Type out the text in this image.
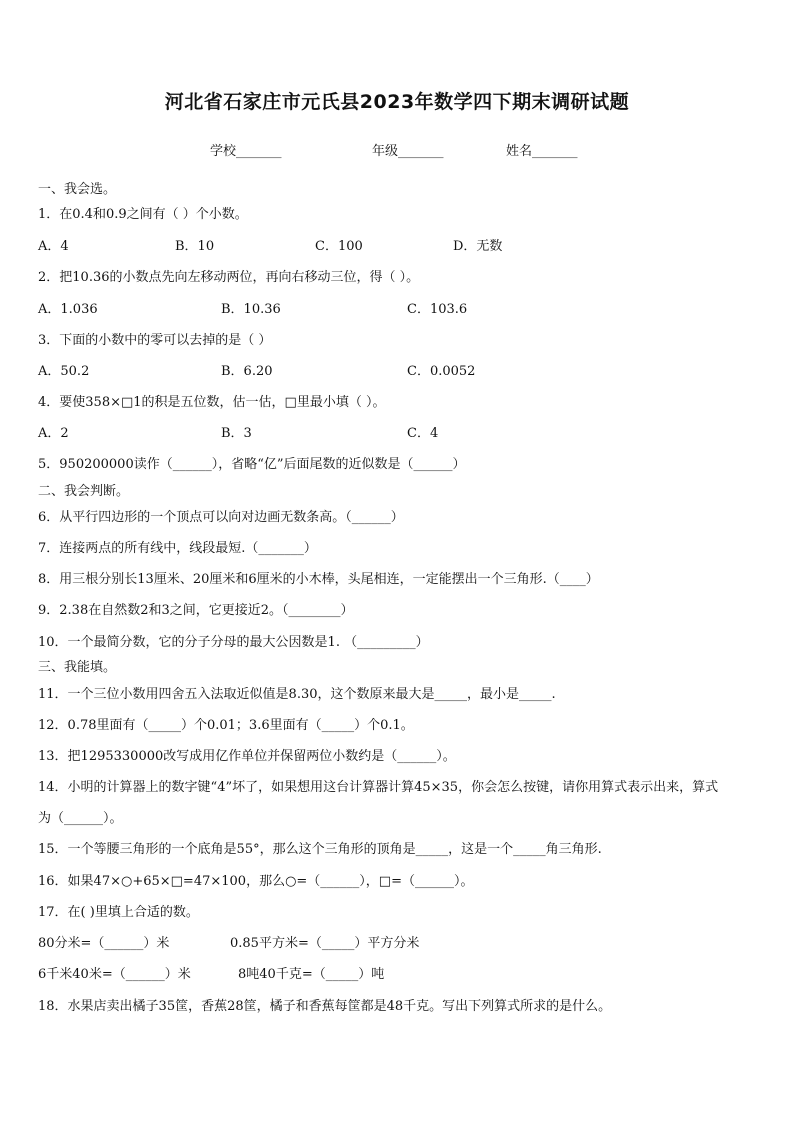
河北省石家庄市元氏县2023年数学四下期末调研试题
学校_______	年级_______	姓名_______
一、我会选。
1．在0.4和0.9之间有（ ）个小数。
A．4	B．10	C．100	D．无数
2．把10.36的小数点先向左移动两位，再向右移动三位，得（ ）。
A．1.036	B．10.36	C．103.6
3．下面的小数中的零可以去掉的是（ ）
A．50.2	B．6.20	C．0.0052
4．要使358×□1的积是五位数，估一估，□里最小填（ ）。
A．2	B．3	C．4
5．950200000读作（______），省略“亿”后面尾数的近似数是（______）
二、我会判断。
6．从平行四边形的一个顶点可以向对边画无数条高。（______）
7．连接两点的所有线中，线段最短.（_______）
8．用三根分别长13厘米、20厘米和6厘米的小木棒，头尾相连，一定能摆出一个三角形.（____）
9．2.38在自然数2和3之间，它更接近2。（________）
10．一个最简分数，它的分子分母的最大公因数是1. （_________）
三、我能填。
11．一个三位小数用四舍五入法取近似值是8.30，这个数原来最大是_____，最小是_____.
12．0.78里面有（_____）个0.01；3.6里面有（_____）个0.1。
13．把1295330000改写成用亿作单位并保留两位小数约是（______）。
14．小明的计算器上的数字键“4”坏了，如果想用这台计算器计算45×35，你会怎么按键，请你用算式表示出来，算式
为（______）。
15．一个等腰三角形的一个底角是55°，那么这个三角形的顶角是_____，这是一个_____角三角形.
16．如果47×○+65×□=47×100，那么○=（______），□=（______）。
17．在( )里填上合适的数。
80分米=（______）米	0.85平方米=（_____）平方分米
6千米40米=（______）米	8吨40千克=（_____）吨
18．水果店卖出橘子35筐，香蕉28筐，橘子和香蕉每筐都是48千克。写出下列算式所求的是什么。
